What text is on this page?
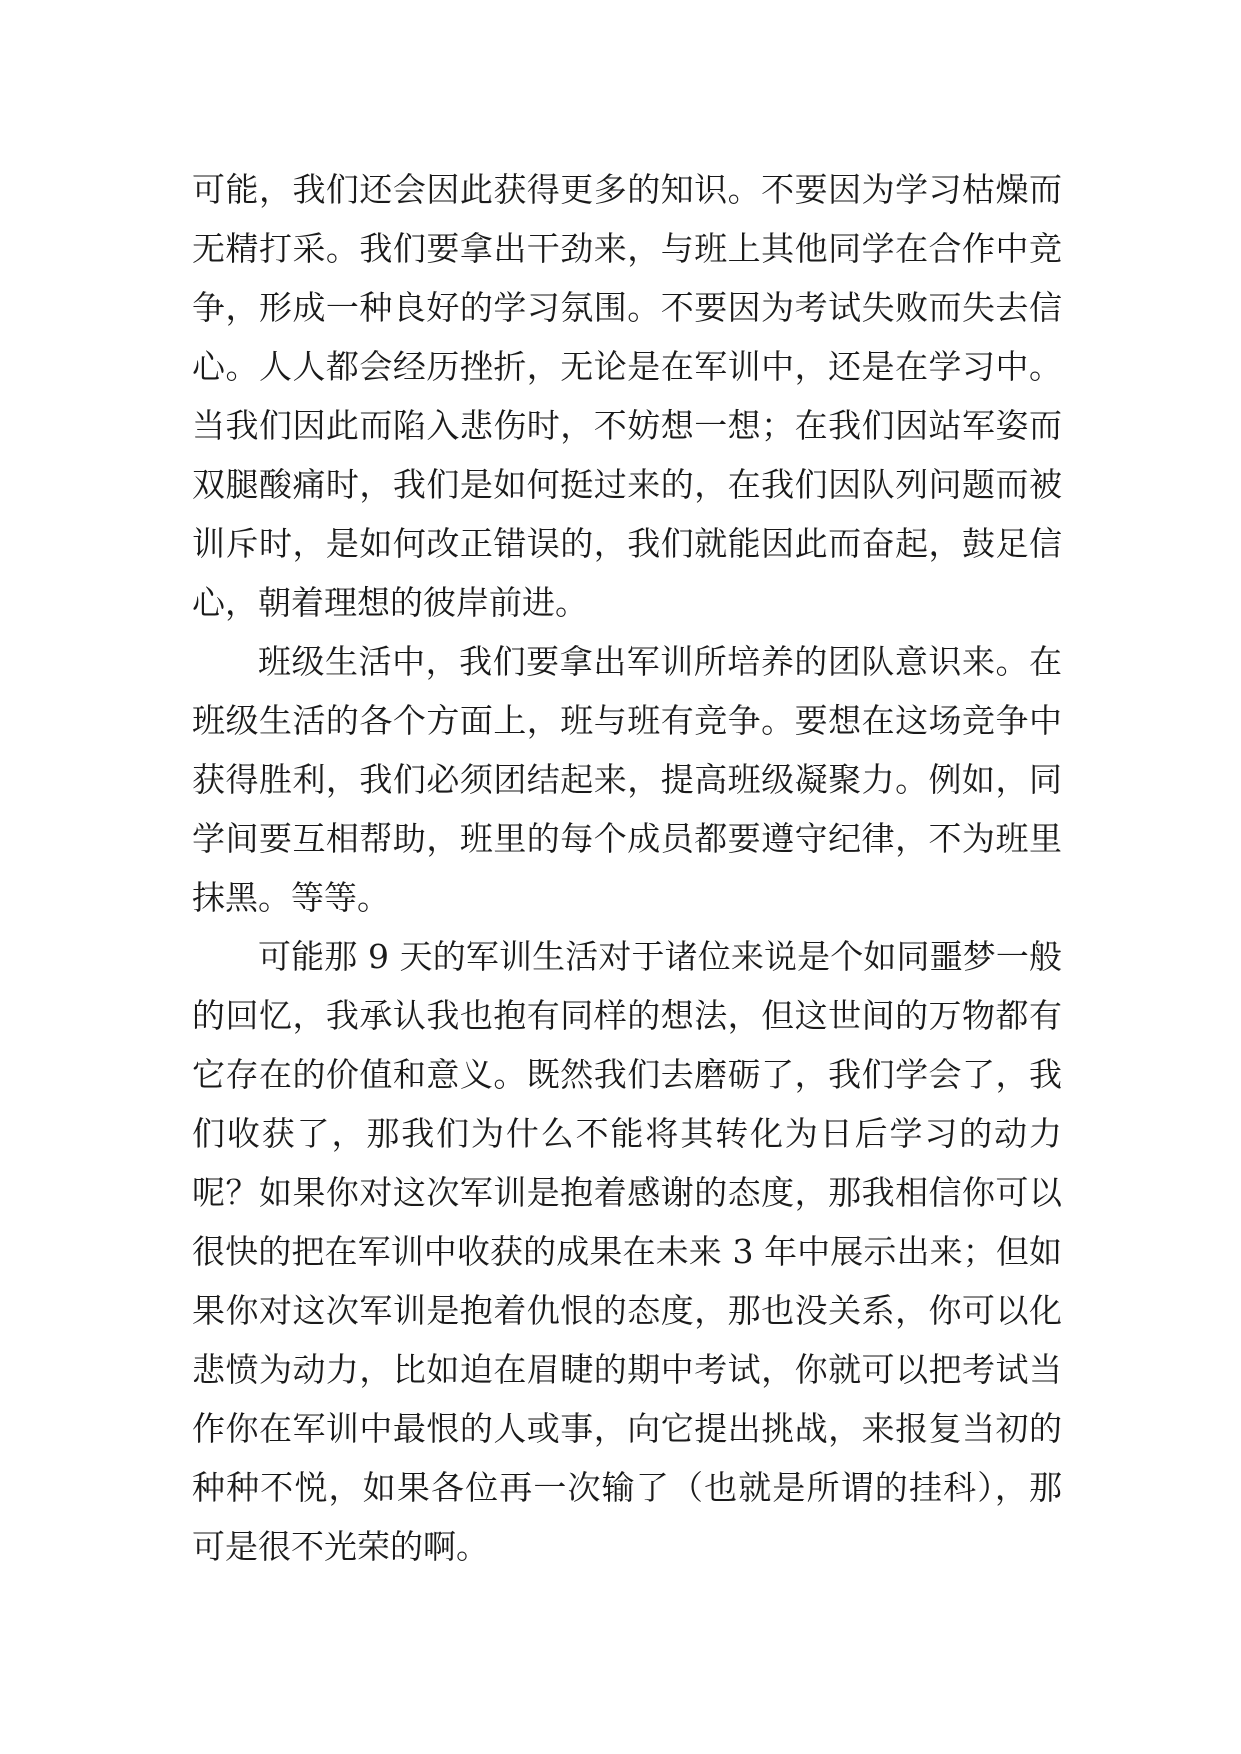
可能，我们还会因此获得更多的知识。不要因为学习枯燥而
无精打采。我们要拿出干劲来，与班上其他同学在合作中竞
争，形成一种良好的学习氛围。不要因为考试失败而失去信
心。人人都会经历挫折，无论是在军训中，还是在学习中。
当我们因此而陷入悲伤时，不妨想一想；在我们因站军姿而
双腿酸痛时，我们是如何挺过来的，在我们因队列问题而被
训斥时，是如何改正错误的，我们就能因此而奋起，鼓足信
心，朝着理想的彼岸前进。
班级生活中，我们要拿出军训所培养的团队意识来。在
班级生活的各个方面上，班与班有竞争。要想在这场竞争中
获得胜利，我们必须团结起来，提高班级凝聚力。例如，同
学间要互相帮助，班里的每个成员都要遵守纪律，不为班里
抹黑。等等。
可能那 9 天的军训生活对于诸位来说是个如同噩梦一般
的回忆，我承认我也抱有同样的想法，但这世间的万物都有
它存在的价值和意义。既然我们去磨砺了，我们学会了，我
们收获了，那我们为什么不能将其转化为日后学习的动力
呢？如果你对这次军训是抱着感谢的态度，那我相信你可以
很快的把在军训中收获的成果在未来 3 年中展示出来；但如
果你对这次军训是抱着仇恨的态度，那也没关系，你可以化
悲愤为动力，比如迫在眉睫的期中考试，你就可以把考试当
作你在军训中最恨的人或事，向它提出挑战，来报复当初的
种种不悦，如果各位再一次输了（也就是所谓的挂科），那
可是很不光荣的啊。
